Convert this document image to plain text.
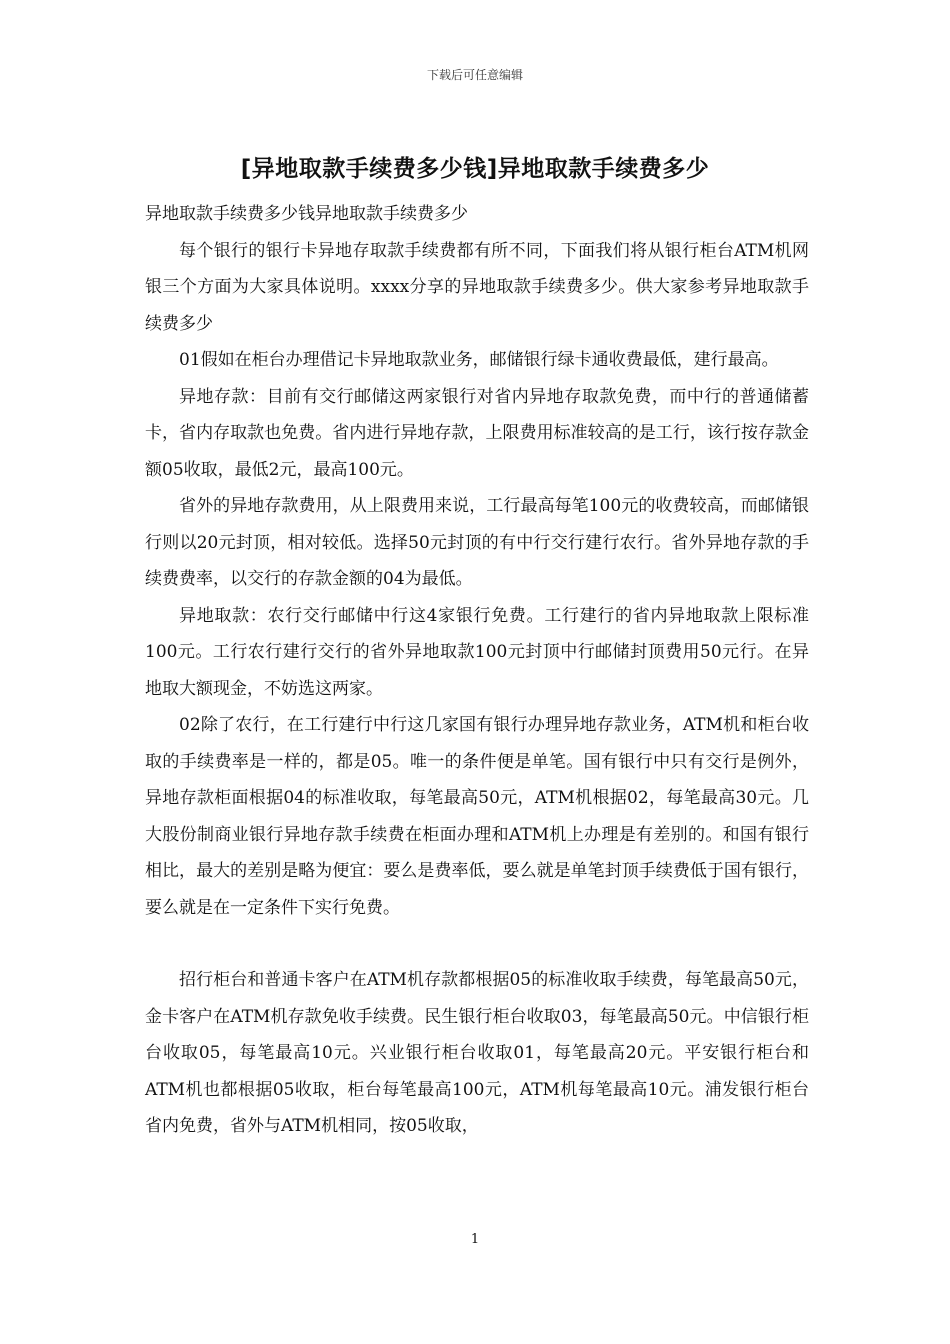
下载后可任意编辑
[异地取款手续费多少钱]异地取款手续费多少

异地取款手续费多少钱异地取款手续费多少

每个银行的银行卡异地存取款手续费都有所不同，下面我们将从银行柜台ATM机网银三个方面为大家具体说明。xxxx分享的异地取款手续费多少。供大家参考异地取款手续费多少

01假如在柜台办理借记卡异地取款业务，邮储银行绿卡通收费最低，建行最高。

异地存款：目前有交行邮储这两家银行对省内异地存取款免费，而中行的普通储蓄卡，省内存取款也免费。省内进行异地存款，上限费用标准较高的是工行，该行按存款金额05收取，最低2元，最高100元。

省外的异地存款费用，从上限费用来说，工行最高每笔100元的收费较高，而邮储银行则以20元封顶，相对较低。选择50元封顶的有中行交行建行农行。省外异地存款的手续费费率，以交行的存款金额的04为最低。

异地取款：农行交行邮储中行这4家银行免费。工行建行的省内异地取款上限标准100元。工行农行建行交行的省外异地取款100元封顶中行邮储封顶费用50元行。在异地取大额现金，不妨选这两家。

02除了农行，在工行建行中行这几家国有银行办理异地存款业务，ATM机和柜台收取的手续费率是一样的，都是05。唯一的条件便是单笔。国有银行中只有交行是例外，异地存款柜面根据04的标准收取，每笔最高50元，ATM机根据02，每笔最高30元。几大股份制商业银行异地存款手续费在柜面办理和ATM机上办理是有差别的。和国有银行相比，最大的差别是略为便宜：要么是费率低，要么就是单笔封顶手续费低于国有银行，要么就是在一定条件下实行免费。

招行柜台和普通卡客户在ATM机存款都根据05的标准收取手续费，每笔最高50元，金卡客户在ATM机存款免收手续费。民生银行柜台收取03，每笔最高50元。中信银行柜台收取05，每笔最高10元。兴业银行柜台收取01，每笔最高20元。平安银行柜台和ATM机也都根据05收取，柜台每笔最高100元，ATM机每笔最高10元。浦发银行柜台省内免费，省外与ATM机相同，按05收取，

1
